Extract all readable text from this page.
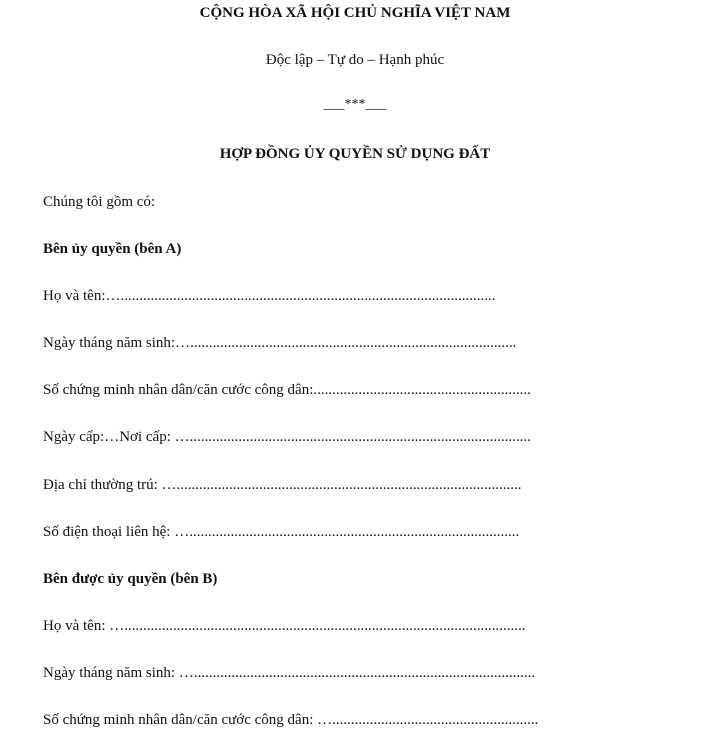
CỘNG HÒA XÃ HỘI CHỦ NGHĨA VIỆT NAM
Độc lập – Tự do – Hạnh phúc
___***___
HỢP ĐỒNG ỦY QUYỀN SỬ DỤNG ĐẤT
Chúng tôi gồm có:
Bên ủy quyền (bên A)
Họ và tên:…....................................................................................................
Ngày tháng năm sinh:….......................................................................................
Số chứng minh nhân dân/căn cước công dân:..........................................................
Ngày cấp:…Nơi cấp: …...........................................................................................
Địa chỉ thường trú: …............................................................................................
Số điện thoại liên hệ: …........................................................................................
Bên được ủy quyền (bên B)
Họ và tên: …...........................................................................................................
Ngày tháng năm sinh: …...........................................................................................
Số chứng minh nhân dân/căn cước công dân: ….......................................................
